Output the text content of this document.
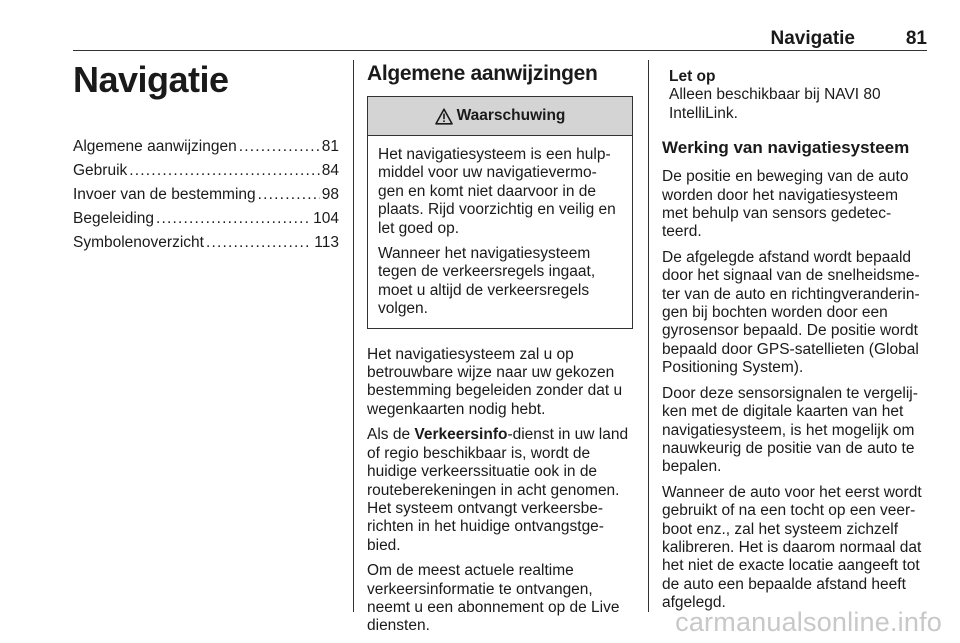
Navigatie	81
Navigatie
Algemene aanwijzingen .....	81
Gebruik .....	84
Invoer van de bestemming .....	98
Begeleiding .....	104
Symbolenoverzicht .....	113
Algemene aanwijzingen
Waarschuwing

Het navigatiesysteem is een hulp-middel voor uw navigatievermo-gen en komt niet daarvoor in de plaats. Rijd voorzichtig en veilig en let goed op.

Wanneer het navigatiesysteem tegen de verkeersregels ingaat, moet u altijd de verkeersregels volgen.

Het navigatiesysteem zal u op betrouwbare wijze naar uw gekozen bestemming begeleiden zonder dat u wegenkaarten nodig hebt.

Als de Verkeersinfo-dienst in uw land of regio beschikbaar is, wordt de huidige verkeerssituatie ook in de routeberekeningen in acht genomen. Het systeem ontvangt verkeersbe-richten in het huidige ontvangstge-bied.

Om de meest actuele realtime verkeersinformatie te ontvangen, neemt u een abonnement op de Live diensten.

Let op
Alleen beschikbaar bij NAVI 80 IntelliLink.
Werking van navigatiesysteem

De positie en beweging van de auto worden door het navigatiesysteem met behulp van sensors gedetec-teerd.

De afgelegde afstand wordt bepaald door het signaal van de snelheidsme-ter van de auto en richtingveranderin-gen bij bochten worden door een gyrosensor bepaald. De positie wordt bepaald door GPS-satellieten (Global Positioning System).

Door deze sensorsignalen te vergelij-ken met de digitale kaarten van het navigatiesysteem, is het mogelijk om nauwkeurig de positie van de auto te bepalen.

Wanneer de auto voor het eerst wordt gebruikt of na een tocht op een veer-boot enz., zal het systeem zichzelf kalibreren. Het is daarom normaal dat het niet de exacte locatie aangeeft tot de auto een bepaalde afstand heeft afgelegd.

carmanualsonline.info
